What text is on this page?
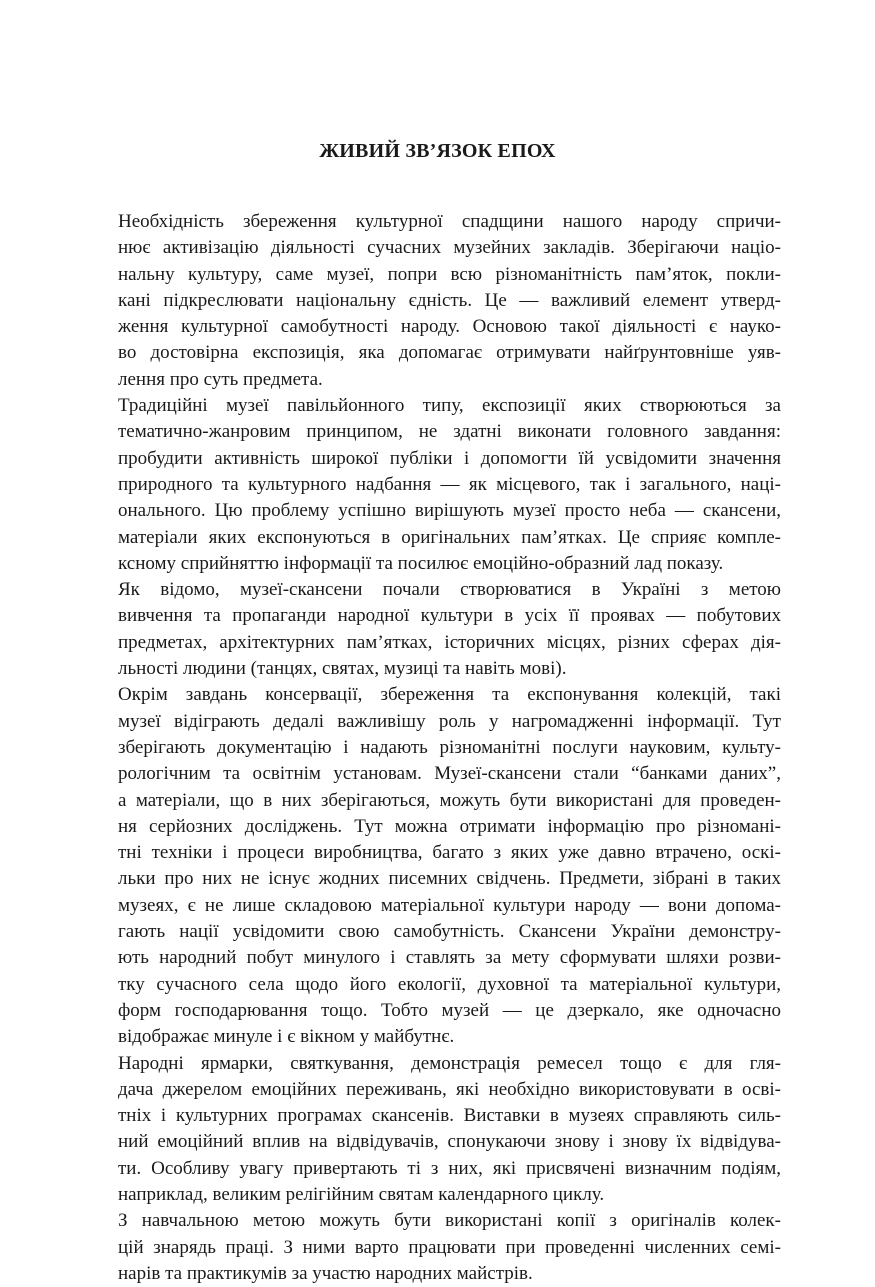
ЖИВИЙ ЗВ’ЯЗОК ЕПОХ
Необхідність збереження культурної спадщини нашого народу спричи-
нює активізацію діяльності сучасних музейних закладів. Зберігаючи націо-
нальну культуру, саме музеї, попри всю різноманітність пам’яток, покли-
кані підкреслювати національну єдність. Це — важливий елемент утверд-
ження культурної самобутності народу. Основою такої діяльності є науко-
во достовірна експозиція, яка допомагає отримувати найґрунтовніше уяв-
лення про суть предмета.
Традиційні музеї павільйонного типу, експозиції яких створюються за
тематично-жанровим принципом, не здатні виконати головного завдання:
пробудити активність широкої публіки і допомогти їй усвідомити значення
природного та культурного надбання — як місцевого, так і загального, наці-
онального. Цю проблему успішно вирішують музеї просто неба — скансени,
матеріали яких експонуються в оригінальних пам’ятках. Це сприяє комплe-
ксному сприйняттю інформації та посилює емоційно-образний лад показу.
Як відомо, музеї-скансени почали створюватися в Україні з метою
вивчення та пропаганди народної культури в усіх її проявах — побутових
предметах, архітектурних пам’ятках, історичних місцях, різних сферах дія-
льності людини (танцях, святах, музиці та навіть мові).
Окрім завдань консервації, збереження та експонування колекцій, такі
музеї відіграють дедалі важливішу роль у нагромадженні інформації. Тут
зберігають документацію і надають різноманітні послуги науковим, культу-
рологічним та освітнім установам. Музеї-скансени стали “банками даних”,
а матеріали, що в них зберігаються, можуть бути використані для проведен-
ня серйозних досліджень. Тут можна отримати інформацію про різномані-
тні техніки і процеси виробництва, багато з яких уже давно втрачено, оскі-
льки про них не існує жодних писемних свідчень. Предмети, зібрані в таких
музеях, є не лише складовою матеріальної культури народу — вони допома-
гають нації усвідомити свою самобутність. Скансени України демонстру-
ють народний побут минулого і ставлять за мету сформувати шляхи розви-
тку сучасного села щодо його екології, духовної та матеріальної культури,
форм господарювання тощо. Тобто музей — це дзеркало, яке одночасно
відображає минуле і є вікном у майбутнє.
Народні ярмарки, святкування, демонстрація ремесел тощо є для гля-
дача джерелом емоційних переживань, які необхідно використовувати в осві-
тніх і культурних програмах скансенів. Виставки в музеях справляють силь-
ний емоційний вплив на відвідувачів, спонукаючи знову і знову їх відвідува-
ти. Особливу увагу привертають ті з них, які присвячені визначним подіям,
наприклад, великим релігійним святам календарного циклу.
З навчальною метою можуть бути використані копії з оригіналів колек-
цій знарядь праці. З ними варто працювати при проведенні численних семі-
нарів та практикумів за участю народних майстрів.
